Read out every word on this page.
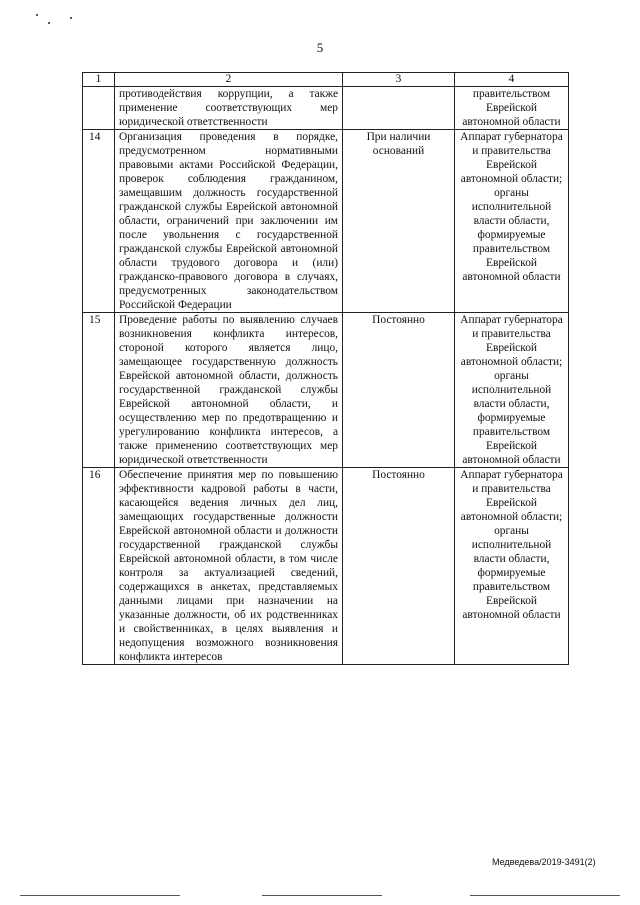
5
1	2	3	4
	противодействия коррупции, а также применение соответствующих мер юридической ответственности		правительством Еврейской автономной области
14	Организация проведения в порядке, предусмотренном нормативными правовыми актами Российской Федерации, проверок соблюдения гражданином, замещавшим должность государственной гражданской службы Еврейской автономной области, ограничений при заключении им после увольнения с государственной гражданской службы Еврейской автономной области трудового договора и (или) гражданско-правового договора в случаях, предусмотренных законодательством Российской Федерации	При наличии оснований	Аппарат губернатора и правительства Еврейской автономной области; органы исполнительной власти области, формируемые правительством Еврейской автономной области
15	Проведение работы по выявлению случаев возникновения конфликта интересов, стороной которого является лицо, замещающее государственную должность Еврейской автономной области, должность государственной гражданской службы Еврейской автономной области, и осуществлению мер по предотвращению и урегулированию конфликта интересов, а также применению соответствующих мер юридической ответственности	Постоянно	Аппарат губернатора и правительства Еврейской автономной области; органы исполнительной власти области, формируемые правительством Еврейской автономной области
16	Обеспечение принятия мер по повышению эффективности кадровой работы в части, касающейся ведения личных дел лиц, замещающих государственные должности Еврейской автономной области и должности государственной гражданской службы Еврейской автономной области, в том числе контроля за актуализацией сведений, содержащихся в анкетах, представляемых данными лицами при назначении на указанные должности, об их родственниках и свойственниках, в целях выявления и недопущения возможного возникновения конфликта интересов	Постоянно	Аппарат губернатора и правительства Еврейской автономной области; органы исполнительной власти области, формируемые правительством Еврейской автономной области
Медведева/2019-3491(2)
